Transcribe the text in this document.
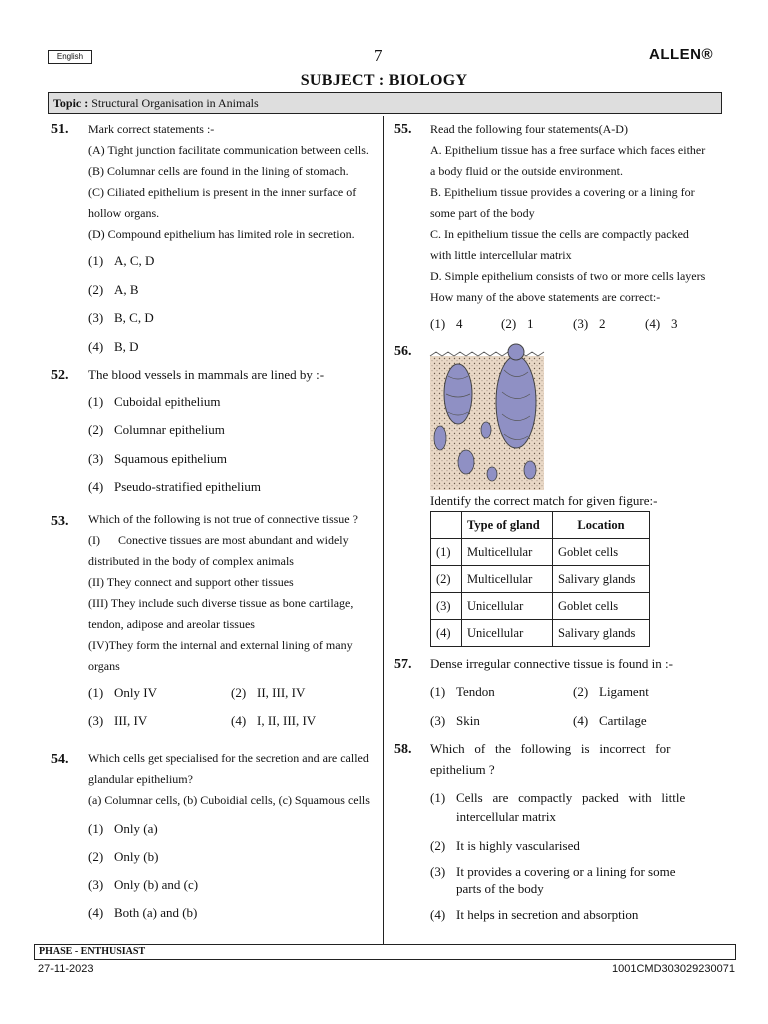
English	7	ALLEN®
SUBJECT : BIOLOGY
Topic : Structural Organisation in Animals
51. Mark correct statements :-
(A) Tight junction facilitate communication between cells.
(B) Columnar cells are found in the lining of stomach.
(C) Ciliated epithelium is present in the inner surface of
hollow organs.
(D) Compound epithelium has limited role in secretion.
(1) A, C, D
(2) A, B
(3) B, C, D
(4) B, D
52. The blood vessels in mammals are lined by :-
(1) Cuboidal epithelium
(2) Columnar epithelium
(3) Squamous epithelium
(4) Pseudo-stratified epithelium
53. Which of the following is not true of connective tissue ?
(I)      Conective tissues are most abundant and widely
distributed in the body of complex animals
(II) They connect and support other tissues
(III) They include such diverse tissue as bone cartilage,
tendon, adipose and areolar tissues
(IV)They form the internal and external lining of many
organs
(1) Only IV	(2) II, III, IV
(3) III, IV	(4) I, II, III, IV
54. Which cells get specialised for the secretion and are called
glandular epithelium?
(a) Columnar cells, (b) Cuboidial cells, (c) Squamous cells
(1) Only (a)
(2) Only (b)
(3) Only (b) and (c)
(4) Both (a) and (b)
55. Read the following four statements(A-D)
A. Epithelium tissue has a free surface which faces either
a body fluid or the outside environment.
B. Epithelium tissue provides a covering or a lining for
some part of the body
C. In epithelium tissue the cells are compactly packed
with little intercellular matrix
D. Simple epithelium consists of two or more cells layers
How many of the above statements are correct:-
(1) 4	(2) 1	(3) 2	(4) 3
56.
Identify the correct match for given figure:-
	Type of gland	Location
(1)	Multicellular	Goblet cells
(2)	Multicellular	Salivary glands
(3)	Unicellular	Goblet cells
(4)	Unicellular	Salivary glands
57. Dense irregular connective tissue is found in :-
(1) Tendon	(2) Ligament
(3) Skin	(4) Cartilage
58. Which   of   the   following   is   incorrect   for
epithelium ?
(1) Cells   are   compactly   packed   with   little
intercellular matrix
(2) It is highly vascularised
(3) It provides a covering or a lining for some
parts of the body
(4) It helps in secretion and absorption
PHASE - ENTHUSIAST
27-11-2023	1001CMD303029230071
